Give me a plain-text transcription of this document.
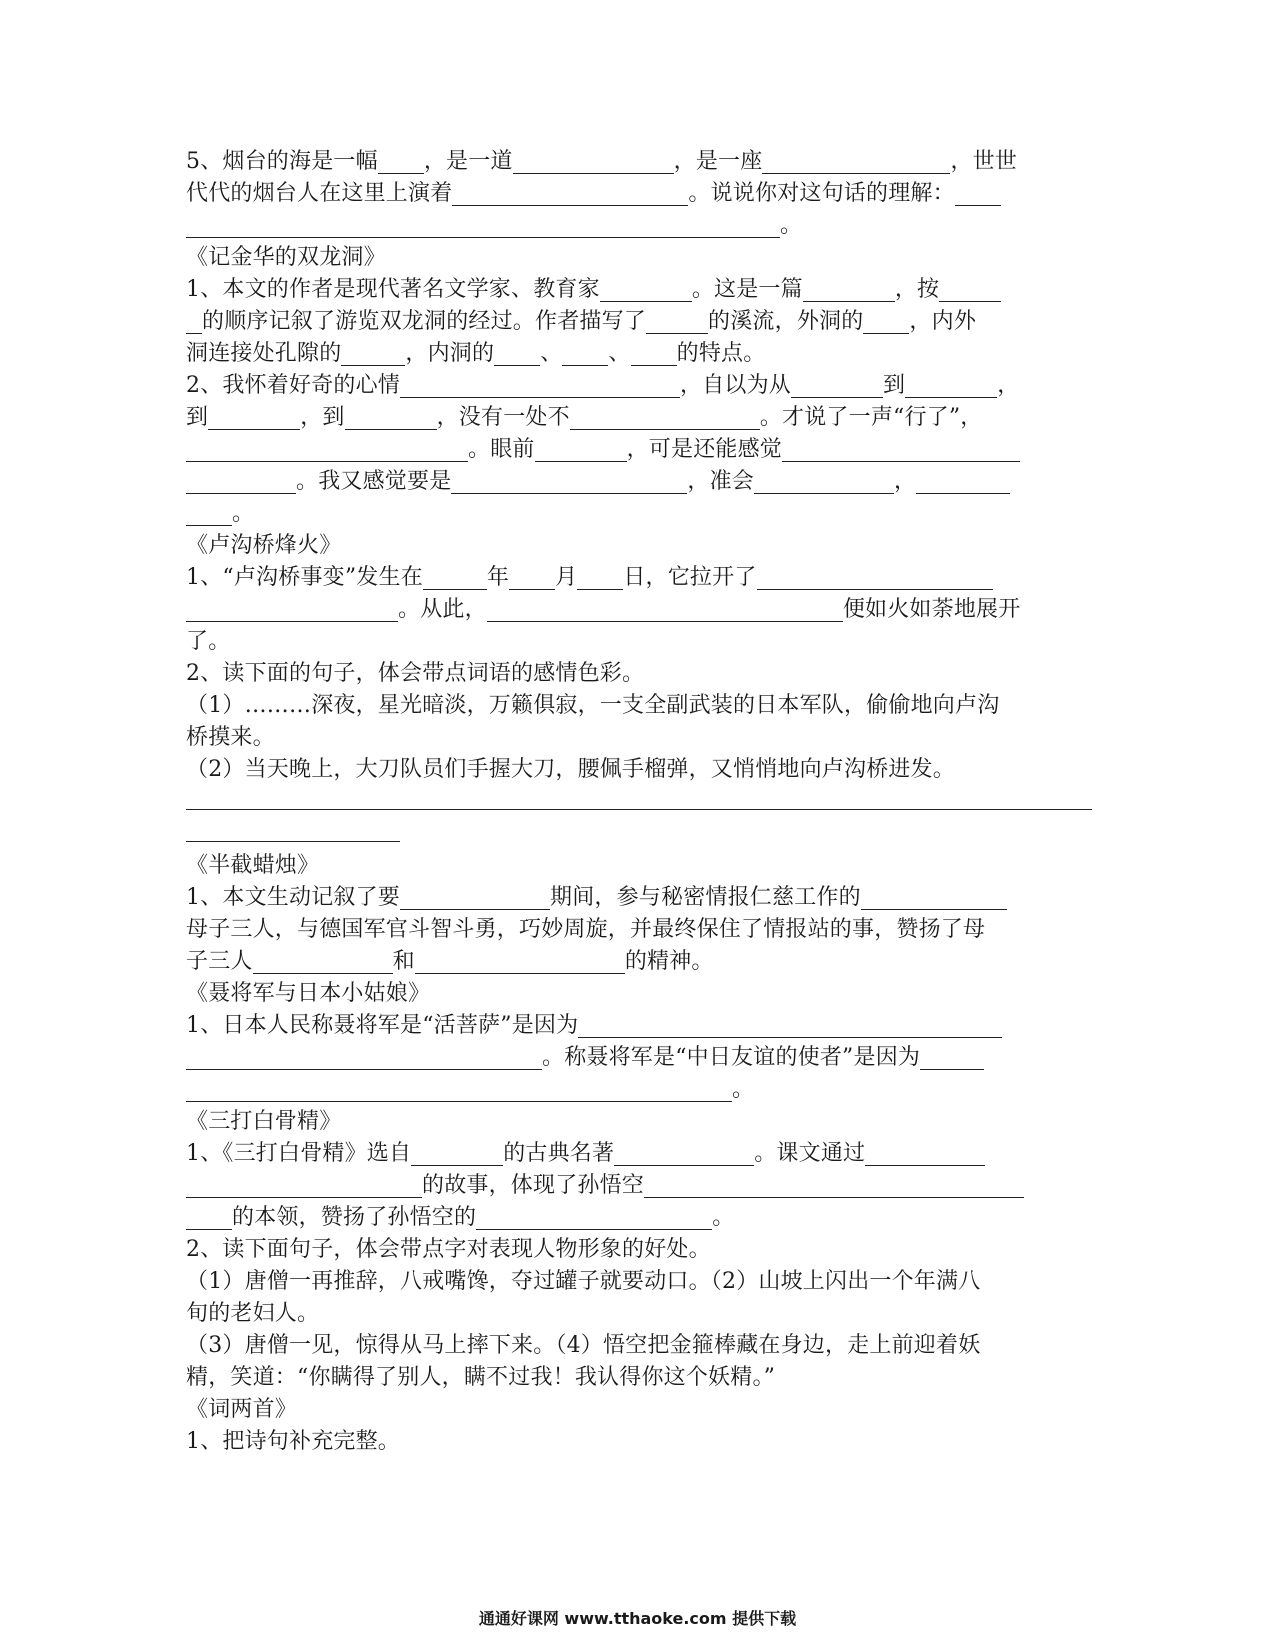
5、烟台的海是一幅 ，是一道	，是一座	，世世
代代的烟台人在这里上演着	。说说你对这句话的理解：
。
《记金华的双龙洞》
1、本文的作者是现代著名文学家、教育家	。这是一篇	，按
的顺序记叙了游览双龙洞的经过。作者描写了	的溪流，外洞的 ，内外
洞连接处孔隙的	，内洞的 、 、 的特点。
2、我怀着好奇的心情	，自以为从	到	，
到	，到	，没有一处不	。才说了一声“行了”，
。眼前	，可是还能感觉
。我又感觉要是	，准会	，
。
《卢沟桥烽火》
1、“卢沟桥事变”发生在	年 月 日，它拉开了
。从此，	便如火如荼地展开
了。
2、读下面的句子，体会带点词语的感情色彩。
（1）………深夜，星光暗淡，万籁俱寂，一支全副武装的日本军队，偷偷地向卢沟
桥摸来。
（2）当天晚上，大刀队员们手握大刀，腰佩手榴弹，又悄悄地向卢沟桥进发。
《半截蜡烛》
1、本文生动记叙了要	期间，参与秘密情报仁慈工作的
母子三人，与德国军官斗智斗勇，巧妙周旋，并最终保住了情报站的事，赞扬了母
子三人	和	的精神。
《聂将军与日本小姑娘》
1、日本人民称聂将军是“活菩萨”是因为
。称聂将军是“中日友谊的使者”是因为
。
《三打白骨精》
1、《三打白骨精》选自	的古典名著	。课文通过
的故事，体现了孙悟空
的本领，赞扬了孙悟空的	。
2、读下面句子，体会带点字对表现人物形象的好处。
（1）唐僧一再推辞，八戒嘴馋，夺过罐子就要动口。（2）山坡上闪出一个年满八
旬的老妇人。
（3）唐僧一见，惊得从马上摔下来。（4）悟空把金箍棒藏在身边，走上前迎着妖
精，笑道：“你瞒得了别人，瞒不过我！我认得你这个妖精。”
《词两首》
1、把诗句补充完整。
通通好课网 www.tthaoke.com 提供下载
